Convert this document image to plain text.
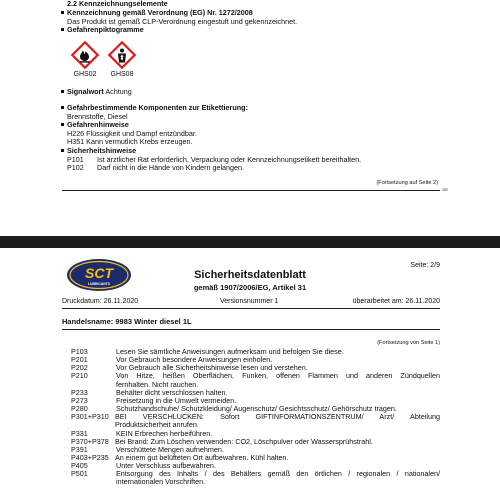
2.2 Kennzeichnungselemente
Kennzeichnung gemäß Verordnung (EG) Nr. 1272/2008
Das Produkt ist gemäß CLP-Verordnung eingestuft und gekennzeichnet.
Gefahrenpiktogramme
GHS02	GHS08
Signalwort Achtung
Gefahrbestimmende Komponenten zur Etikettierung:
Brennstoffe, Diesel
Gefahrenhinweise
H226 Flüssigkeit und Dampf entzündbar.
H351 Kann vermutlich Krebs erzeugen.
Sicherheitshinweise
P101 Ist ärztlicher Rat erforderlich, Verpackung oder Kennzeichnungsetikett bereithalten.
P102 Darf nicht in die Hände von Kindern gelangen.
(Fortsetzung auf Seite 2)
DE
SCT
LUBRICANTS
Sicherheitsdatenblatt
gemäß 1907/2006/EG, Artikel 31
Seite: 2/9
Druckdatum: 26.11.2020	Versionsnummer 1	überarbeitet am: 26.11.2020
Handelsname: 9983 Winter diesel 1L
(Fortsetzung von Seite 1)
P103	Lesen Sie sämtliche Anweisungen aufmerksam und befolgen Sie diese.
P201	Vor Gebrauch besondere Anweisungen einholen.
P202	Vor Gebrauch alle Sicherheitshinweise lesen und verstehen.
P210	Von Hitze, heißen Oberflächen, Funken, offenen Flammen und anderen Zündquellen
fernhalten. Nicht rauchen.
P233	Behälter dicht verschlossen halten.
P273	Freisetzung in die Umwelt vermeiden.
P280	Schutzhandschuhe/ Schutzkleidung/ Augenschutz/ Gesichtsschutz/ Gehörschutz tragen.
P301+P310 BEI VERSCHLUCKEN: Sofort GIFTINFORMATIONSZENTRUM/ Arzt/ Abteilung
Produktsicherheit anrufen.
P331	KEIN Erbrechen herbeiführen.
P370+P378 Bei Brand: Zum Löschen verwenden: CO2, Löschpulver oder Wassersprühstrahl.
P391	Verschüttete Mengen aufnehmen.
P403+P235 An einem gut belüfteten Ort aufbewahren. Kühl halten.
P405	Unter Verschluss aufbewahren.
P501	Entsorgung des Inhalts / des Behälters gemäß den örtlichen / regionalen / nationalen/
internationalen Vorschriften.
